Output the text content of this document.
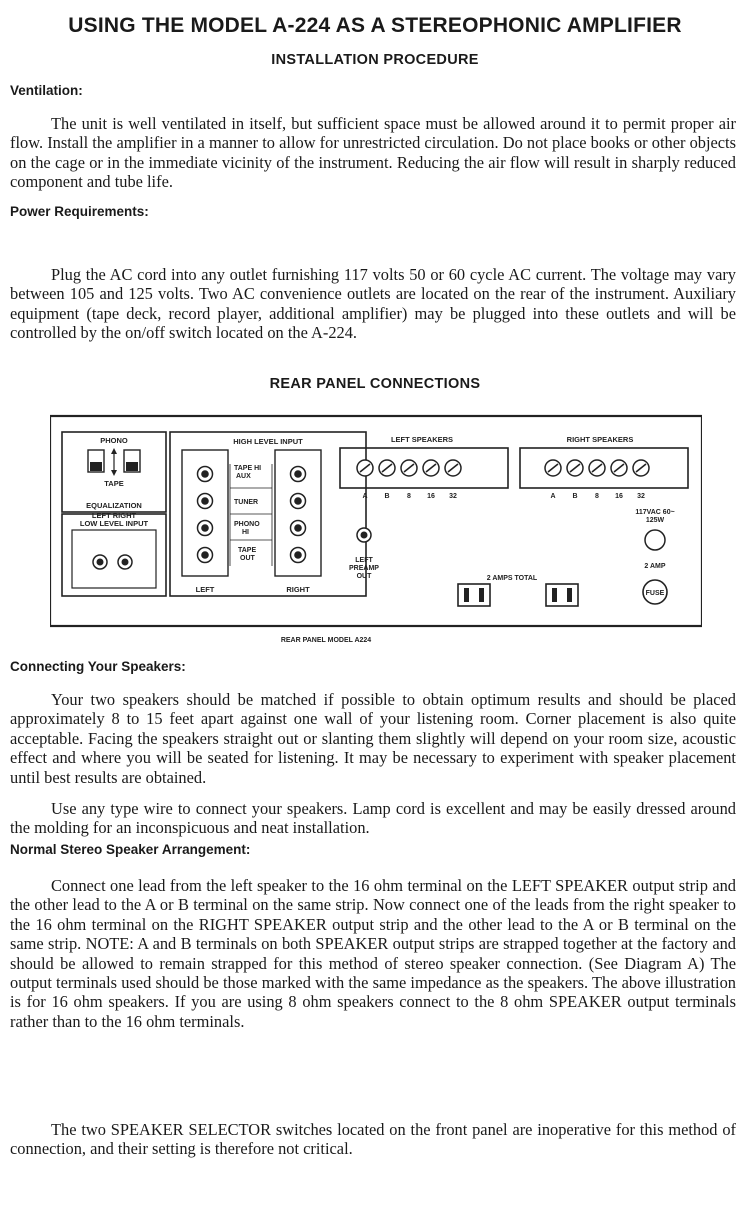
USING THE MODEL A-224 AS A STEREOPHONIC AMPLIFIER
INSTALLATION PROCEDURE
Ventilation:

The unit is well ventilated in itself, but sufficient space must be allowed around it to permit proper air flow. Install the amplifier in a manner to allow for unrestricted circulation. Do not place books or other objects on the cage or in the immediate vicinity of the instrument. Reducing the air flow will result in sharply reduced component and tube life.

Power Requirements:

Plug the AC cord into any outlet furnishing 117 volts 50 or 60 cycle AC current. The voltage may vary between 105 and 125 volts. Two AC convenience outlets are located on the rear of the instrument. Auxiliary equipment (tape deck, record player, additional amplifier) may be plugged into these outlets and will be controlled by the on/off switch located on the A-224.

REAR PANEL CONNECTIONS
PHONO
TAPE
EQUALIZATION
LEFT RIGHT
LOW LEVEL INPUT
HIGH LEVEL INPUT
TAPE HI
AUX
TUNER
PHONO
HI
TAPE
OUT
LEFT	RIGHT
LEFT
PREAMP
OUT
LEFT SPEAKERS
A B	8 16 32
RIGHT SPEAKERS
A B	8 16 32
117VAC 60~
125W
2 AMP
FUSE
2 AMPS TOTAL
REAR PANEL MODEL A224
Connecting Your Speakers:

Your two speakers should be matched if possible to obtain optimum results and should be placed approximately 8 to 15 feet apart against one wall of your listening room. Corner placement is also quite acceptable. Facing the speakers straight out or slanting them slightly will depend on your room size, acoustic effect and where you will be seated for listening. It may be necessary to experiment with speaker placement until best results are obtained.

Use any type wire to connect your speakers. Lamp cord is excellent and may be easily dressed around the molding for an inconspicuous and neat installation.

Normal Stereo Speaker Arrangement:

Connect one lead from the left speaker to the 16 ohm terminal on the LEFT SPEAKER output strip and the other lead to the A or B terminal on the same strip. Now connect one of the leads from the right speaker to the 16 ohm terminal on the RIGHT SPEAKER output strip and the other lead to the A or B terminal on the same strip. NOTE: A and B terminals on both SPEAKER output strips are strapped together at the factory and should be allowed to remain strapped for this method of stereo speaker connection. (See Diagram A) The output terminals used should be those marked with the same impedance as the speakers. The above illustration is for 16 ohm speakers. If you are using 8 ohm speakers connect to the 8 ohm SPEAKER output terminals rather than to the 16 ohm terminals.

The two SPEAKER SELECTOR switches located on the front panel are inoperative for this method of connection, and their setting is therefore not critical.
